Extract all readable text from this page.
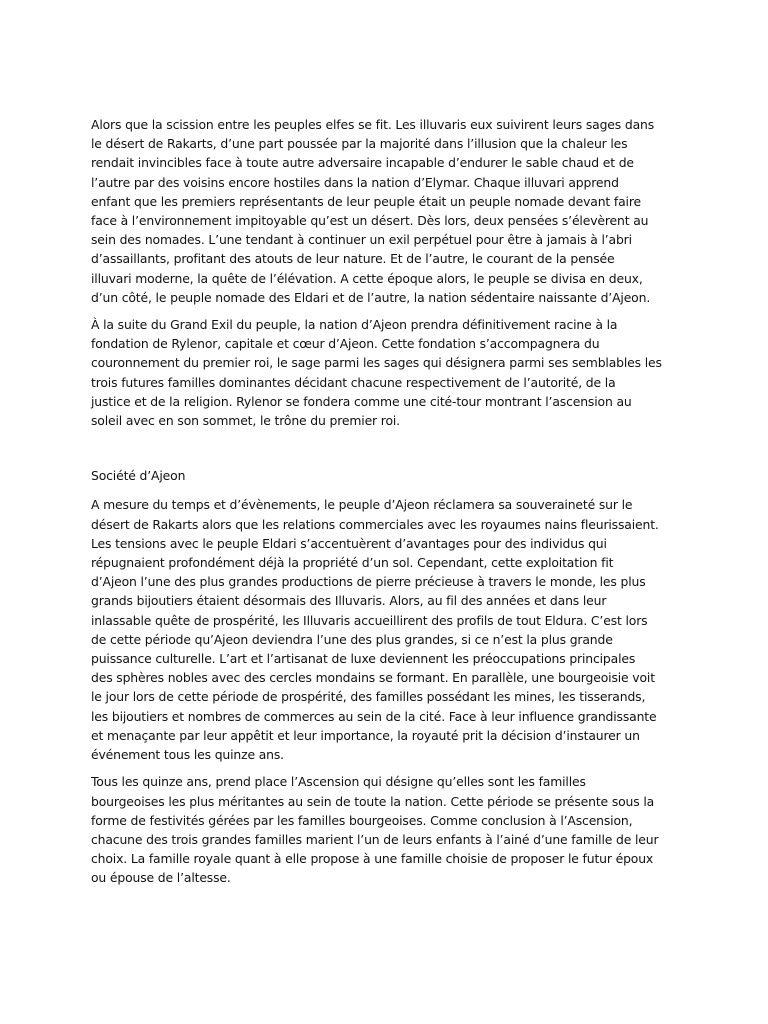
Alors que la scission entre les peuples elfes se fit. Les illuvaris eux suivirent leurs sages dans
le désert de Rakarts, d’une part poussée par la majorité dans l’illusion que la chaleur les
rendait invincibles face à toute autre adversaire incapable d’endurer le sable chaud et de
l’autre par des voisins encore hostiles dans la nation d’Elymar. Chaque illuvari apprend
enfant que les premiers représentants de leur peuple était un peuple nomade devant faire
face à l’environnement impitoyable qu’est un désert. Dès lors, deux pensées s’élevèrent au
sein des nomades. L’une tendant à continuer un exil perpétuel pour être à jamais à l’abri
d’assaillants, profitant des atouts de leur nature. Et de l’autre, le courant de la pensée
illuvari moderne, la quête de l’élévation. A cette époque alors, le peuple se divisa en deux,
d’un côté, le peuple nomade des Eldari et de l’autre, la nation sédentaire naissante d’Ajeon.
À la suite du Grand Exil du peuple, la nation d’Ajeon prendra définitivement racine à la
fondation de Rylenor, capitale et cœur d’Ajeon. Cette fondation s’accompagnera du
couronnement du premier roi, le sage parmi les sages qui désignera parmi ses semblables les
trois futures familles dominantes décidant chacune respectivement de l’autorité, de la
justice et de la religion. Rylenor se fondera comme une cité-tour montrant l’ascension au
soleil avec en son sommet, le trône du premier roi.
Société d’Ajeon
A mesure du temps et d’évènements, le peuple d’Ajeon réclamera sa souveraineté sur le
désert de Rakarts alors que les relations commerciales avec les royaumes nains fleurissaient.
Les tensions avec le peuple Eldari s’accentuèrent d’avantages pour des individus qui
répugnaient profondément déjà la propriété d’un sol. Cependant, cette exploitation fit
d’Ajeon l’une des plus grandes productions de pierre précieuse à travers le monde, les plus
grands bijoutiers étaient désormais des Illuvaris. Alors, au fil des années et dans leur
inlassable quête de prospérité, les Illuvaris accueillirent des profils de tout Eldura. C’est lors
de cette période qu’Ajeon deviendra l’une des plus grandes, si ce n’est la plus grande
puissance culturelle. L’art et l’artisanat de luxe deviennent les préoccupations principales
des sphères nobles avec des cercles mondains se formant. En parallèle, une bourgeoisie voit
le jour lors de cette période de prospérité, des familles possédant les mines, les tisserands,
les bijoutiers et nombres de commerces au sein de la cité. Face à leur influence grandissante
et menaçante par leur appêtit et leur importance, la royauté prit la décision d’instaurer un
événement tous les quinze ans.
Tous les quinze ans, prend place l’Ascension qui désigne qu’elles sont les familles
bourgeoises les plus méritantes au sein de toute la nation. Cette période se présente sous la
forme de festivités gérées par les familles bourgeoises. Comme conclusion à l’Ascension,
chacune des trois grandes familles marient l’un de leurs enfants à l’ainé d’une famille de leur
choix. La famille royale quant à elle propose à une famille choisie de proposer le futur époux
ou épouse de l’altesse.
